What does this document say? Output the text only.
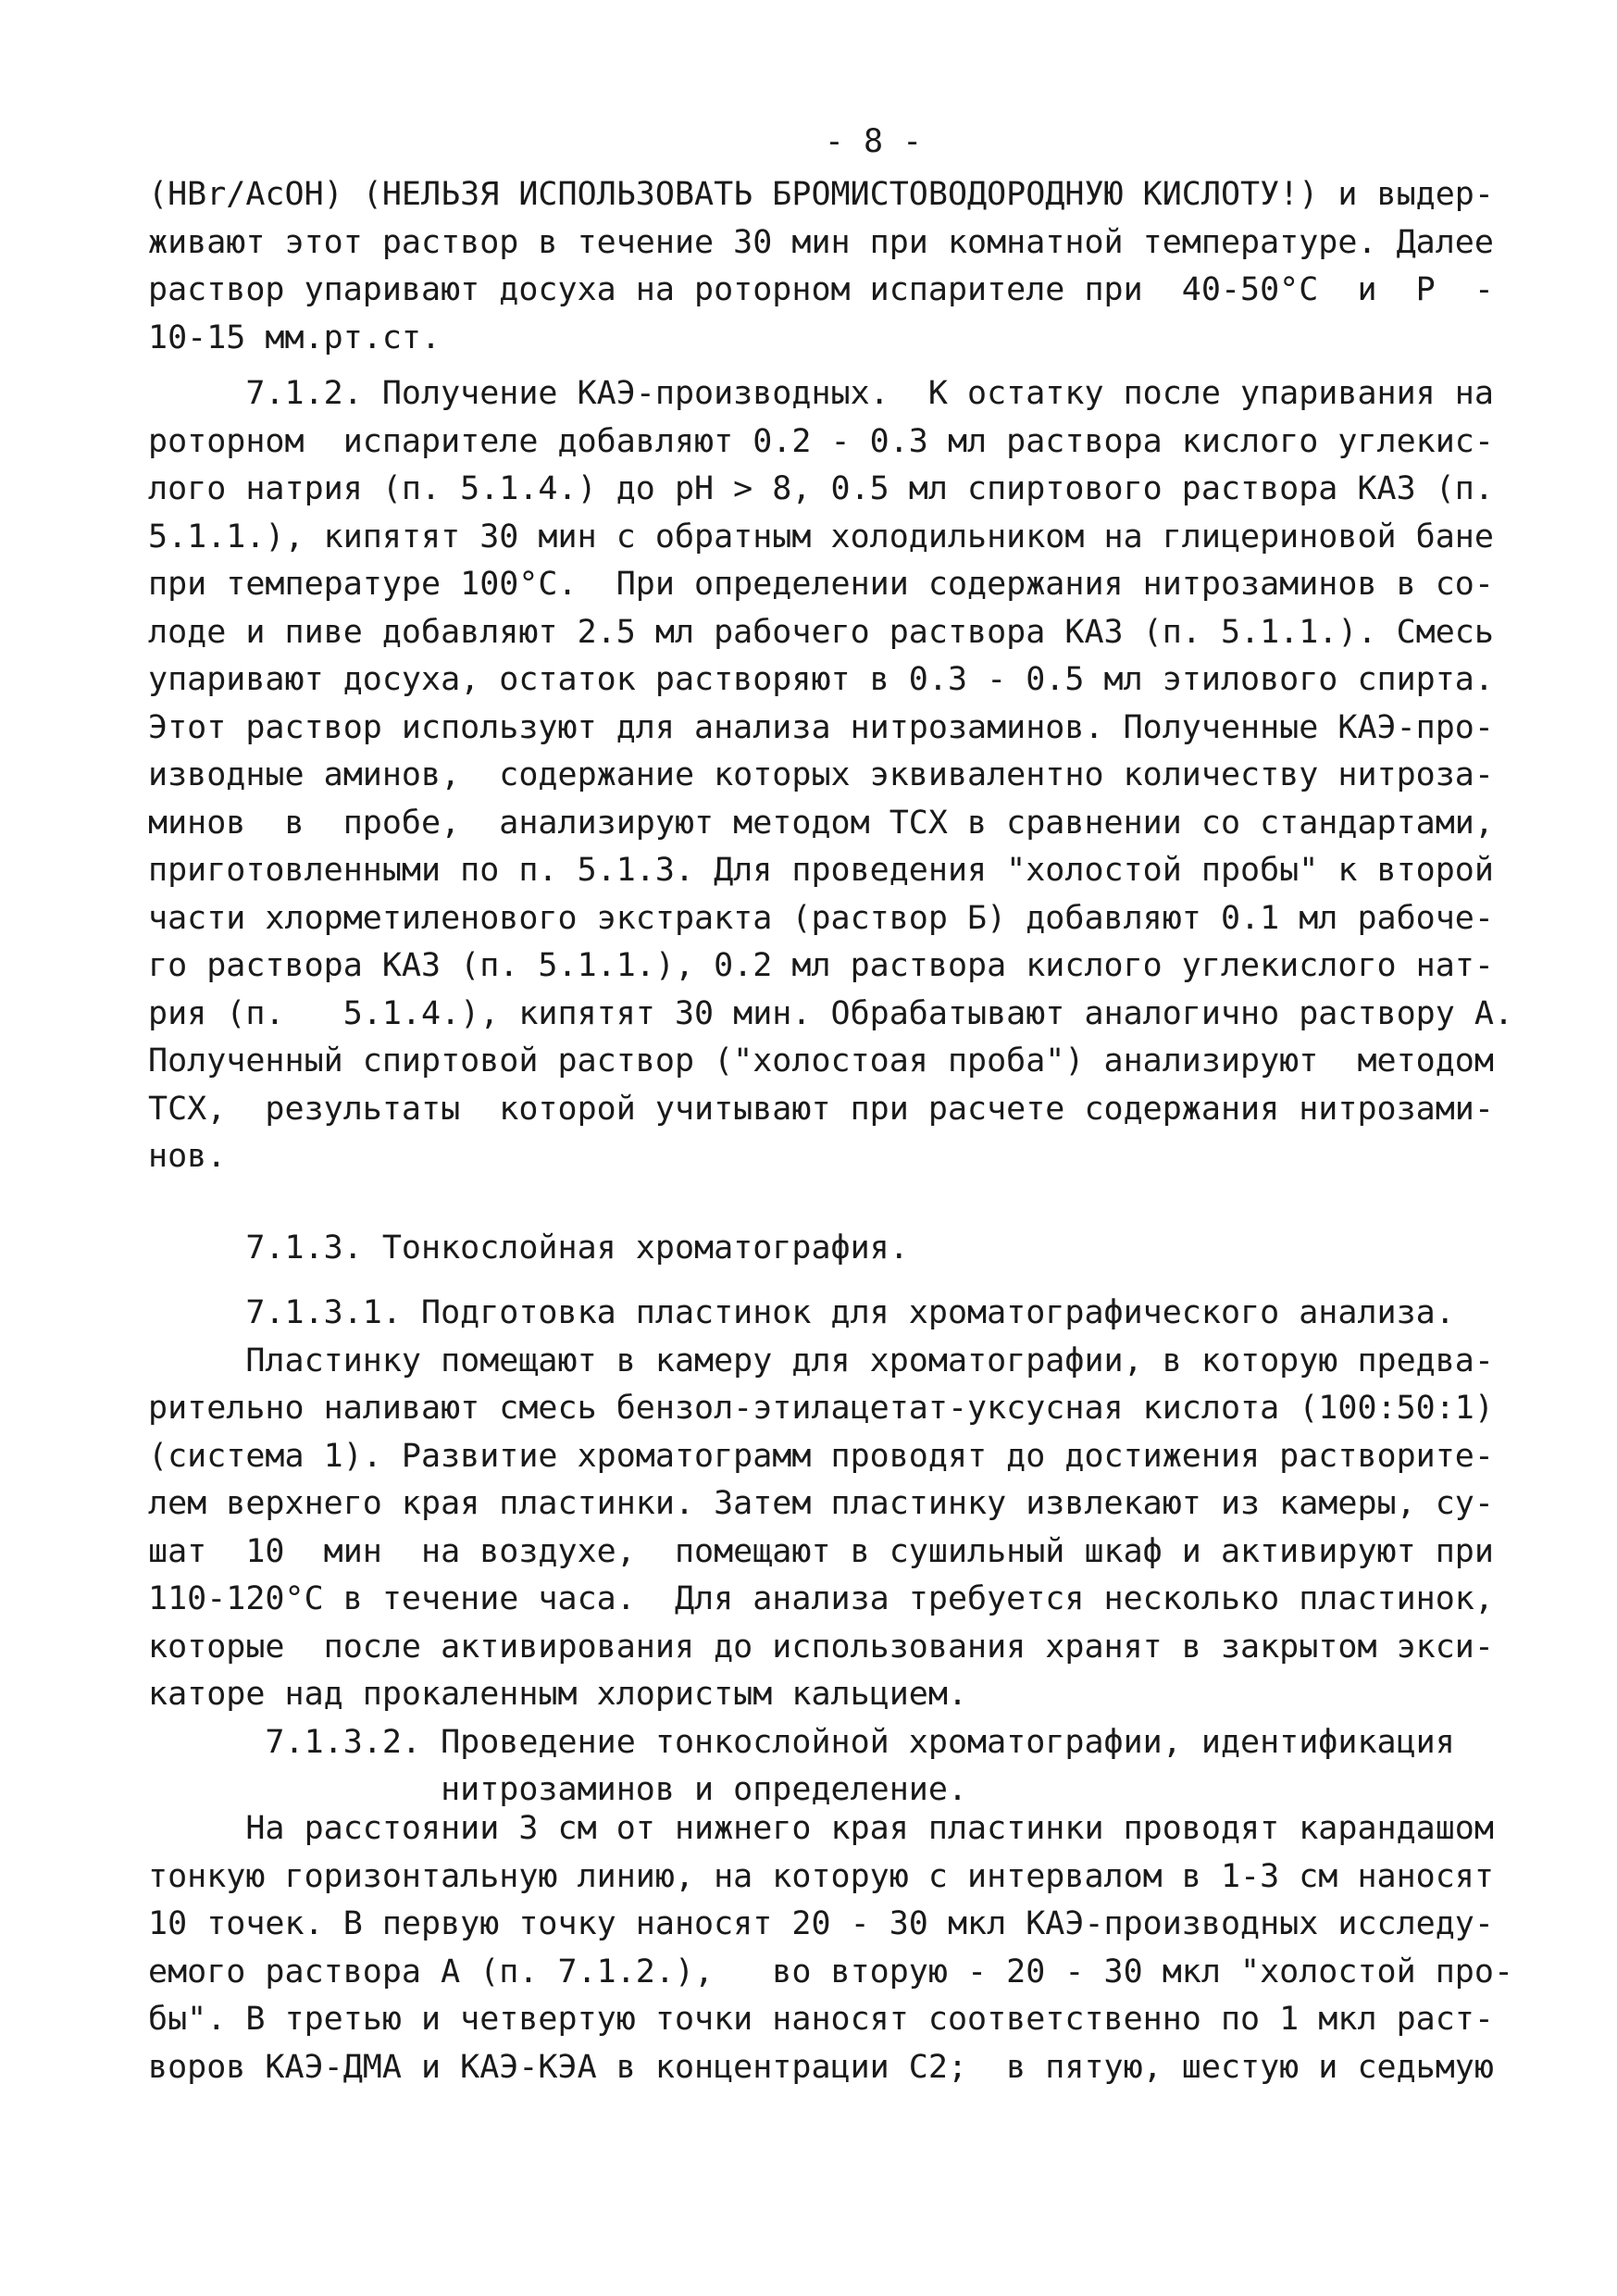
- 8 -
(HBr/AcOH) (НЕЛЬЗЯ ИСПОЛЬЗОВАТЬ БРОМИСТОВОДОРОДНУЮ КИСЛОТУ!) и выдер-
живают этот раствор в течение 30 мин при комнатной температуре. Далее
раствор упаривают досуха на роторном испарителе при  40-50°C  и  P  -
10-15 мм.рт.ст.
7.1.2. Получение КАЭ-производных.  К остатку после упаривания на
роторном  испарителе добавляют 0.2 - 0.3 мл раствора кислого углекис-
лого натрия (п. 5.1.4.) до pH > 8, 0.5 мл спиртового раствора КАЗ (п.
5.1.1.), кипятят 30 мин с обратным холодильником на глицериновой бане
при температуре 100°C.  При определении содержания нитрозаминов в со-
лоде и пиве добавляют 2.5 мл рабочего раствора КАЗ (п. 5.1.1.). Смесь
упаривают досуха, остаток растворяют в 0.3 - 0.5 мл этилового спирта.
Этот раствор используют для анализа нитрозаминов. Полученные КАЭ-про-
изводные аминов,  содержание которых эквивалентно количеству нитроза-
минов  в  пробе,  анализируют методом ТСХ в сравнении со стандартами,
приготовленными по п. 5.1.3. Для проведения "холостой пробы" к второй
части хлорметиленового экстракта (раствор Б) добавляют 0.1 мл рабоче-
го раствора КАЗ (п. 5.1.1.), 0.2 мл раствора кислого углекислого нат-
рия (п.   5.1.4.), кипятят 30 мин. Обрабатывают аналогично раствору А.
Полученный спиртовой раствор ("холостоая проба") анализируют  методом
ТСХ,  результаты  которой учитывают при расчете содержания нитрозами-
нов.
7.1.3. Тонкослойная хроматография.
7.1.3.1. Подготовка пластинок для хроматографического анализа.
Пластинку помещают в камеру для хроматографии, в которую предва-
рительно наливают смесь бензол-этилацетат-уксусная кислота (100:50:1)
(система 1). Развитие хроматограмм проводят до достижения растворите-
лем верхнего края пластинки. Затем пластинку извлекают из камеры, су-
шат  10  мин  на воздухе,  помещают в сушильный шкаф и активируют при
110-120°C в течение часа.  Для анализа требуется несколько пластинок,
которые  после активирования до использования хранят в закрытом экси-
каторе над прокаленным хлористым кальцием.
7.1.3.2. Проведение тонкослойной хроматографии, идентификация
нитрозаминов и определение.
На расстоянии 3 см от нижнего края пластинки проводят карандашом
тонкую горизонтальную линию, на которую с интервалом в 1-3 см наносят
10 точек. В первую точку наносят 20 - 30 мкл КАЭ-производных исследу-
емого раствора А (п. 7.1.2.),   во вторую - 20 - 30 мкл "холостой про-
бы". В третью и четвертую точки наносят соответственно по 1 мкл раст-
воров КАЭ-ДМА и КАЭ-КЭА в концентрации C2;  в пятую, шестую и седьмую
